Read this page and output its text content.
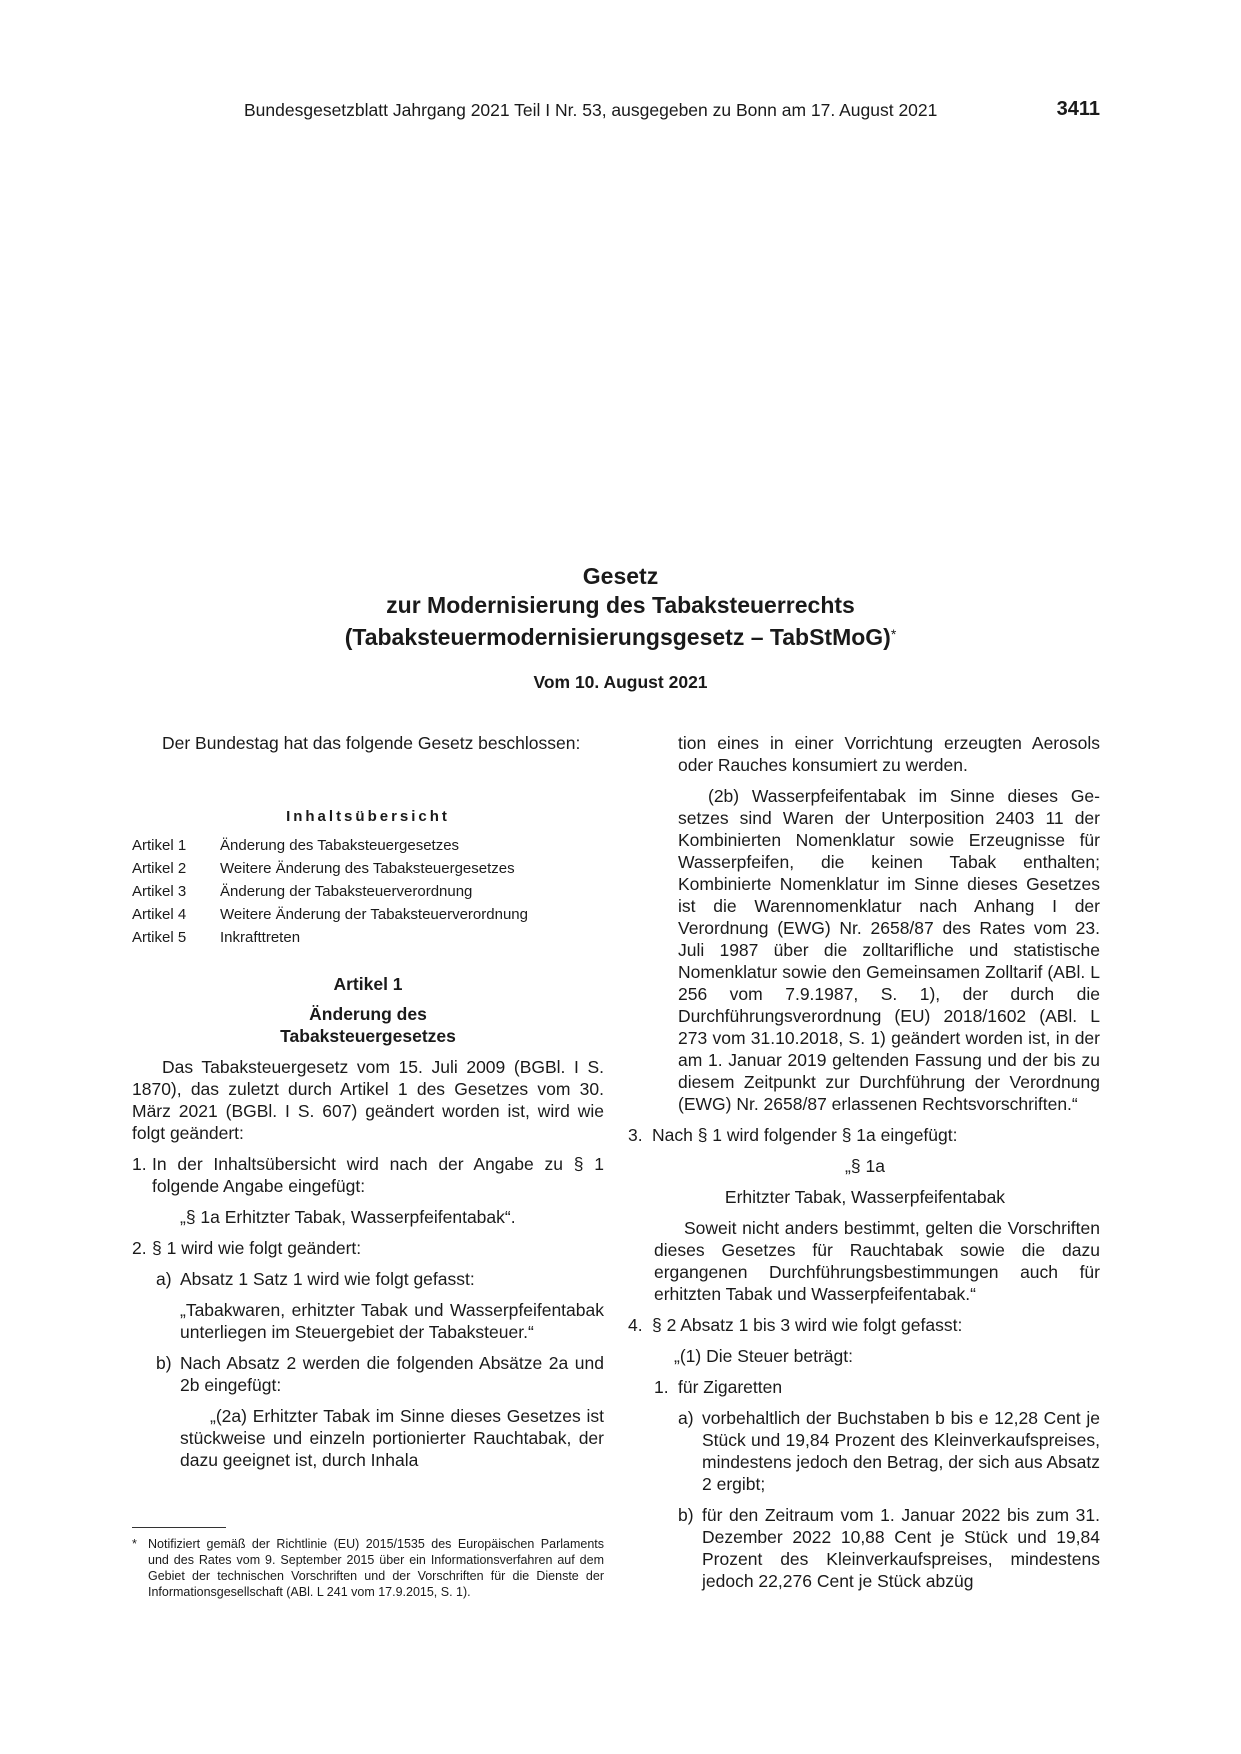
Bundesgesetzblatt Jahrgang 2021 Teil I Nr. 53, ausgegeben zu Bonn am 17. August 2021	3411
Gesetz
zur Modernisierung des Tabaksteuerrechts
(Tabaksteuermodernisierungsgesetz – TabStMoG)*
Vom 10. August 2021

Der Bundestag hat das folgende Gesetz beschlossen:

Inhaltsübersicht
Artikel 1	Änderung des Tabaksteuergesetzes
Artikel 2	Weitere Änderung des Tabaksteuergesetzes
Artikel 3	Änderung der Tabaksteuerverordnung
Artikel 4	Weitere Änderung der Tabaksteuerverordnung
Artikel 5	Inkrafttreten
Artikel 1
Änderung des
Tabaksteuergesetzes

Das Tabaksteuergesetz vom 15. Juli 2009 (BGBl. I S. 1870), das zuletzt durch Artikel 1 des Gesetzes vom 30. März 2021 (BGBl. I S. 607) geändert worden ist, wird wie folgt geändert:

1. In der Inhaltsübersicht wird nach der Angabe zu § 1 folgende Angabe eingefügt:

„§ 1a Erhitzter Tabak, Wasserpfeifentabak“.

2. § 1 wird wie folgt geändert:
a) Absatz 1 Satz 1 wird wie folgt gefasst:

„Tabakwaren, erhitzter Tabak und Wasserpfeifentabak unterliegen im Steuergebiet der Tabaksteuer.“

b) Nach Absatz 2 werden die folgenden Absätze 2a und 2b eingefügt:

„(2a) Erhitzter Tabak im Sinne dieses Gesetzes ist stückweise und einzeln portionierter Rauchtabak, der dazu geeignet ist, durch Inhala

tion eines in einer Vorrichtung erzeugten Aerosols oder Rauches konsumiert zu werden.

(2b) Wasserpfeifentabak im Sinne dieses Gesetzes sind Waren der Unterposition 2403 11 der Kombinierten Nomenklatur sowie Erzeugnisse für Wasserpfeifen, die keinen Tabak enthalten; Kombinierte Nomenklatur im Sinne dieses Gesetzes ist die Warennomenklatur nach Anhang I der Verordnung (EWG) Nr. 2658/87 des Rates vom 23. Juli 1987 über die zolltarifliche und statistische Nomenklatur sowie den Gemeinsamen Zolltarif (ABl. L 256 vom 7.9.1987, S. 1), der durch die Durchführungsverordnung (EU) 2018/1602 (ABl. L 273 vom 31.10.2018, S. 1) geändert worden ist, in der am 1. Januar 2019 geltenden Fassung und der bis zu diesem Zeitpunkt zur Durchführung der Verordnung (EWG) Nr. 2658/87 erlassenen Rechtsvorschriften.“

3. Nach § 1 wird folgender § 1a eingefügt:

„§ 1a

Erhitzter Tabak, Wasserpfeifentabak

Soweit nicht anders bestimmt, gelten die Vorschriften dieses Gesetzes für Rauchtabak sowie die dazu ergangenen Durchführungsbestimmungen auch für erhitzten Tabak und Wasserpfeifentabak.“

4. § 2 Absatz 1 bis 3 wird wie folgt gefasst:

„(1) Die Steuer beträgt:

1. für Zigaretten
a) vorbehaltlich der Buchstaben b bis e 12,28 Cent je Stück und 19,84 Prozent des Kleinverkaufspreises, mindestens jedoch den Betrag, der sich aus Absatz 2 ergibt;
b) für den Zeitraum vom 1. Januar 2022 bis zum 31. Dezember 2022 10,88 Cent je Stück und 19,84 Prozent des Kleinverkaufspreises, mindestens jedoch 22,276 Cent je Stück abzüg
* Notifiziert gemäß der Richtlinie (EU) 2015/1535 des Europäischen Parlaments und des Rates vom 9. September 2015 über ein Informationsverfahren auf dem Gebiet der technischen Vorschriften und der Vorschriften für die Dienste der Informationsgesellschaft (ABl. L 241 vom 17.9.2015, S. 1).
